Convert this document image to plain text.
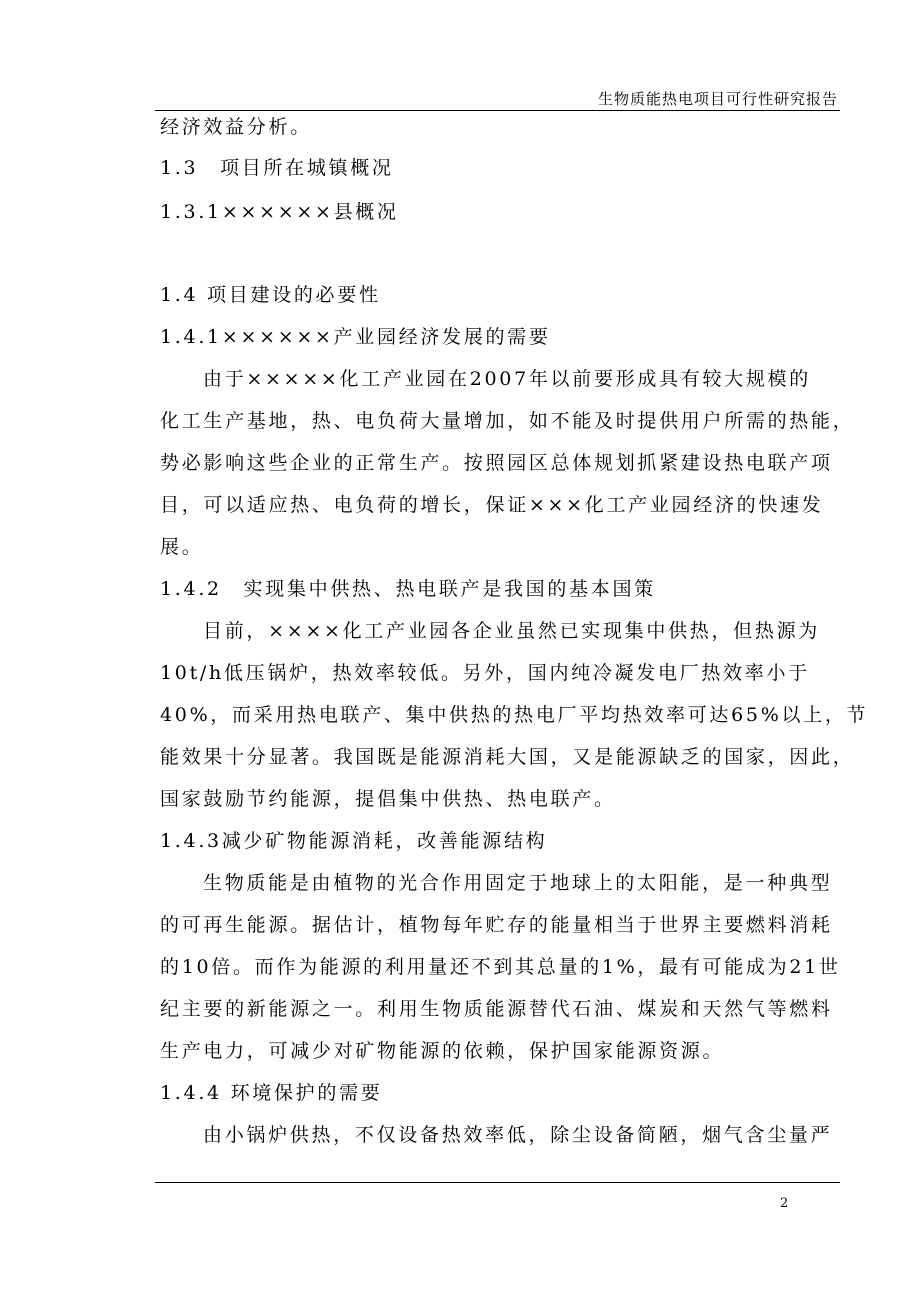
生物质能热电项目可行性研究报告
经济效益分析。
1.3　项目所在城镇概况
1.3.1××××××县概况
1.4 项目建设的必要性
1.4.1××××××产业园经济发展的需要
由于×××××化工产业园在2007年以前要形成具有较大规模的
化工生产基地，热、电负荷大量增加，如不能及时提供用户所需的热能，
势必影响这些企业的正常生产。按照园区总体规划抓紧建设热电联产项
目，可以适应热、电负荷的增长，保证×××化工产业园经济的快速发
展。
1.4.2　实现集中供热、热电联产是我国的基本国策
目前，××××化工产业园各企业虽然已实现集中供热，但热源为
10t/h低压锅炉，热效率较低。另外，国内纯冷凝发电厂热效率小于
40%，而采用热电联产、集中供热的热电厂平均热效率可达65%以上，节
能效果十分显著。我国既是能源消耗大国，又是能源缺乏的国家，因此，
国家鼓励节约能源，提倡集中供热、热电联产。
1.4.3减少矿物能源消耗，改善能源结构
生物质能是由植物的光合作用固定于地球上的太阳能，是一种典型
的可再生能源。据估计，植物每年贮存的能量相当于世界主要燃料消耗
的10倍。而作为能源的利用量还不到其总量的1%，最有可能成为21世
纪主要的新能源之一。利用生物质能源替代石油、煤炭和天然气等燃料
生产电力，可减少对矿物能源的依赖，保护国家能源资源。
1.4.4 环境保护的需要
由小锅炉供热，不仅设备热效率低，除尘设备简陋，烟气含尘量严
2
